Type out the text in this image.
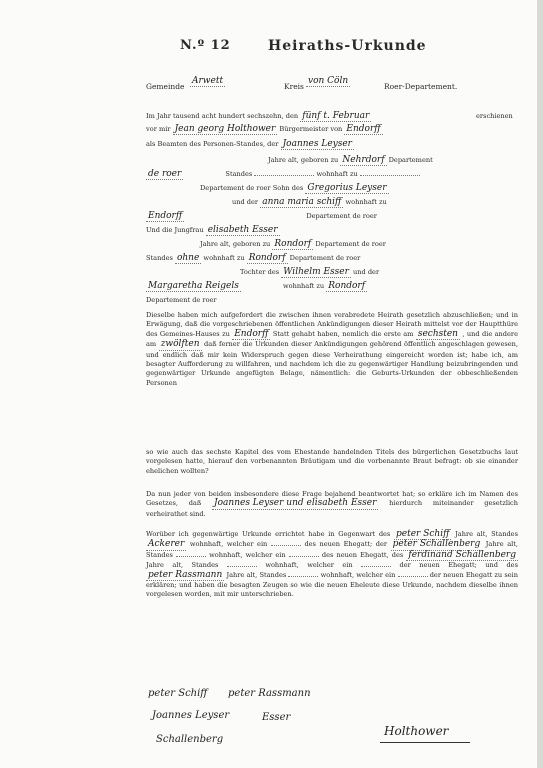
N.º 12	Heiraths-Urkunde
Gemeinde
Arwett
Kreis
von Cöln
Roer-Departement.
Im Jahr tausend acht hundert sechszehn, den fünf t. Februar	erschienen
vor mir Jean georg Holthower Bürgermeister von Endorff
als Beamten des Personen-Standes, der Joannes Leyser
Jahre alt, geboren zu Nehrdorf Departement
de roer	Standes	wohnhaft zu
Departement de roer Sohn des Gregorius Leyser
und der anna maria schiff wohnhaft zu
Endorff	Departement de roer
Und die Jungfrau elisabeth Esser
Jahre alt, geboren zu Rondorf Departement de roer
Standes ohne wohnhaft zu Rondorf Departement de roer
Tochter des Wilhelm Esser und der
Margaretha Reigels	wohnhaft zu Rondorf
Departement de roer
Dieselbe haben mich aufgefordert die zwischen ihnen verabredete Heirath gesetzlich abzuschließen; und in Erwägung, daß die vorgeschriebenen öffentlichen Ankündigungen dieser Heirath mittelst vor der Hauptthüre des Gemeines-Hauses zu Endorff Statt gehabt haben, nemlich die erste am sechsten , und die andere am zwölften daß ferner die Urkunden dieser Ankündigungen gehörend öffentlich angeschlagen gewesen, und endlich daß mir kein Widerspruch gegen diese Verheirathung eingereicht worden ist; habe ich, am besagter Aufforderung zu willfahren, und nachdem ich die zu gegenwärtiger Handlung beizubringenden und gegenwärtiger Urkunde angefügten Belage, nämentlich: die Geburts-Urkunden der obbeschließenden Personen
so wie auch das sechste Kapitel des vom Ehestande handelnden Titels des bürgerlichen Gesetzbuchs laut vorgelesen hatte, hierauf den vorbenannten Bräutigam und die vorbenannte Braut befragt: ob sie einander ehelichen wollten?
Da nun jeder von beiden insbesondere diese Frage bejahend beantwortet hat; so erkläre ich im Namen des Gesetzes, daß Joannes Leyser und elisabeth Esser hierdurch miteinander gesetzlich verheirathet sind.
Worüber ich gegenwärtige Urkunde errichtet habe in Gegenwart des peter Schiff Jahre alt, Standes Ackerer wohnhaft, welcher ein	des neuen Ehegatt; der peter Schallenberg Jahre alt, Standes	wohnhaft, welcher ein	des neuen Ehegatt, des ferdinand Schallenberg Jahre alt, Standes	wohnhaft, welcher ein	der neuen Ehegatt; und des peter Rassmann Jahre alt, Standes	wohnhaft, welcher ein	der neuen Ehegatt zu sein erklären; und haben die besagten Zeugen so wie die neuen Eheleute diese Urkunde, nachdem dieselbe ihnen vorgelesen worden, mit mir unterschrieben.
peter Schiff peter Rassmann
Joannes Leyser	Esser
Holthower
Schallenberg
